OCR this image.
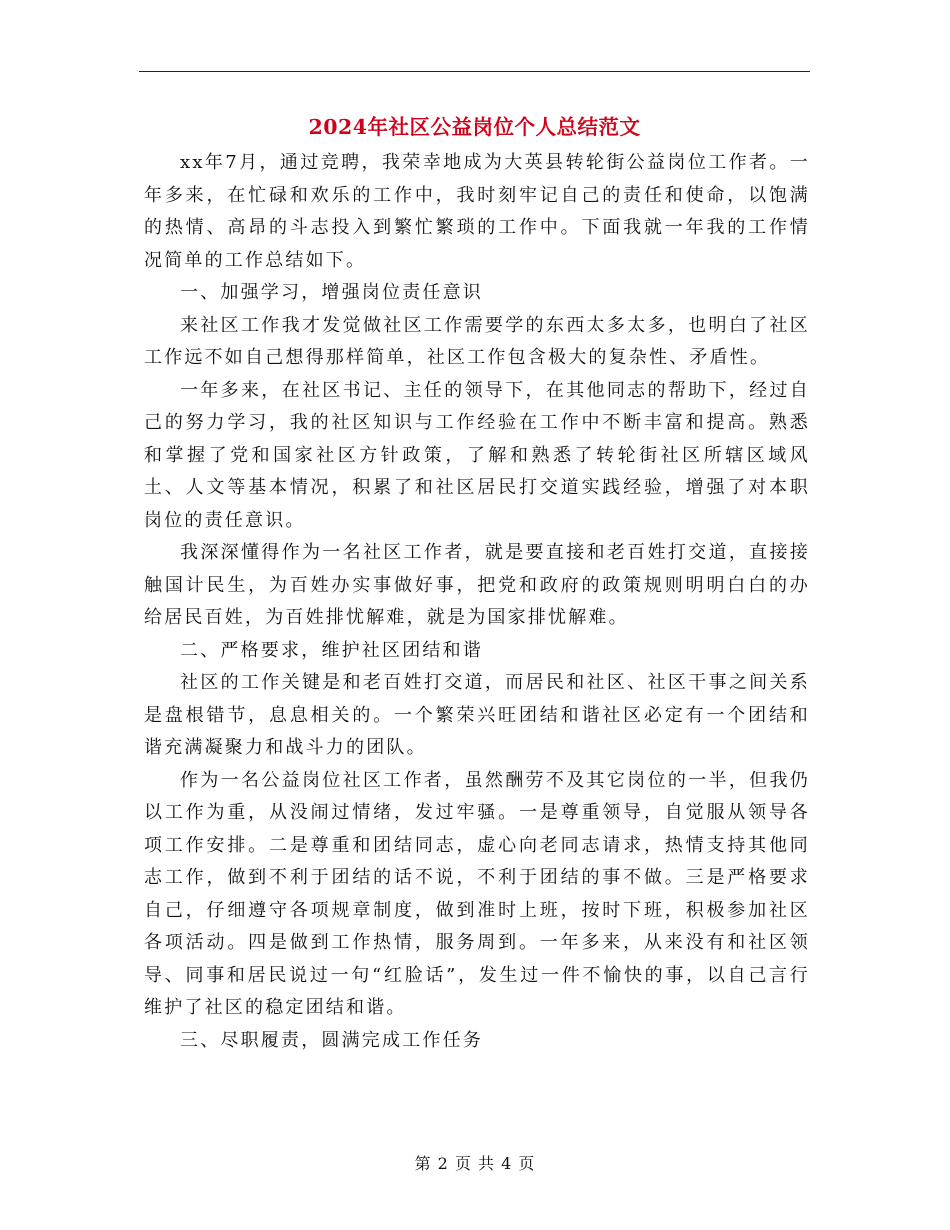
2024年社区公益岗位个人总结范文

xx年7月，通过竞聘，我荣幸地成为大英县转轮街公益岗位工作者。一年多来，在忙碌和欢乐的工作中，我时刻牢记自己的责任和使命，以饱满的热情、高昂的斗志投入到繁忙繁琐的工作中。下面我就一年我的工作情况简单的工作总结如下。

一、加强学习，增强岗位责任意识

来社区工作我才发觉做社区工作需要学的东西太多太多，也明白了社区工作远不如自己想得那样简单，社区工作包含极大的复杂性、矛盾性。

一年多来，在社区书记、主任的领导下，在其他同志的帮助下，经过自己的努力学习，我的社区知识与工作经验在工作中不断丰富和提高。熟悉和掌握了党和国家社区方针政策，了解和熟悉了转轮街社区所辖区域风土、人文等基本情况，积累了和社区居民打交道实践经验，增强了对本职岗位的责任意识。

我深深懂得作为一名社区工作者，就是要直接和老百姓打交道，直接接触国计民生，为百姓办实事做好事，把党和政府的政策规则明明白白的办给居民百姓，为百姓排忧解难，就是为国家排忧解难。

二、严格要求，维护社区团结和谐

社区的工作关键是和老百姓打交道，而居民和社区、社区干事之间关系是盘根错节，息息相关的。一个繁荣兴旺团结和谐社区必定有一个团结和谐充满凝聚力和战斗力的团队。

作为一名公益岗位社区工作者，虽然酬劳不及其它岗位的一半，但我仍以工作为重，从没闹过情绪，发过牢骚。一是尊重领导，自觉服从领导各项工作安排。二是尊重和团结同志，虚心向老同志请求，热情支持其他同志工作，做到不利于团结的话不说，不利于团结的事不做。三是严格要求自己，仔细遵守各项规章制度，做到准时上班，按时下班，积极参加社区各项活动。四是做到工作热情，服务周到。一年多来，从来没有和社区领导、同事和居民说过一句“红脸话”，发生过一件不愉快的事，以自己言行维护了社区的稳定团结和谐。

三、尽职履责，圆满完成工作任务

第 2 页 共 4 页
